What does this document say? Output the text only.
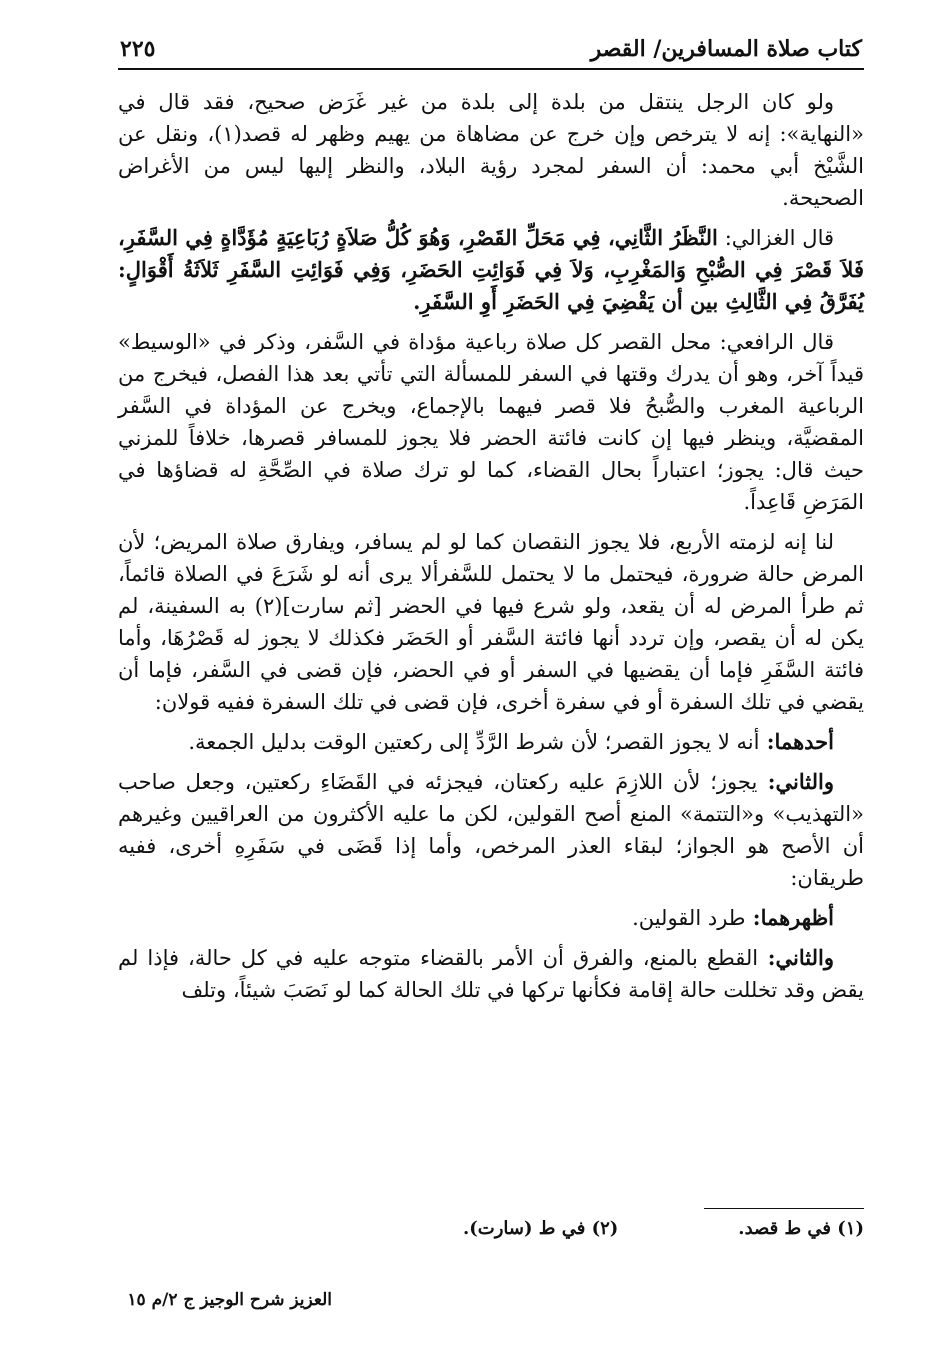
كتاب صلاة المسافرين/ القصر
٢٢٥

ولو كان الرجل ينتقل من بلدة إلى بلدة من غير غَرَض صحيح، فقد قال في «النهاية»: إنه لا يترخص وإن خرج عن مضاهاة من يهيم وظهر له قصد(١)، ونقل عن الشَّيْخ أبي محمد: أن السفر لمجرد رؤية البلاد، والنظر إليها ليس من الأغراض الصحيحة.

قال الغزالي: النَّظَرُ الثَّانِي، فِي مَحَلِّ القَصْرِ، وَهُوَ كُلُّ صَلاَةٍ رُبَاعِيَةٍ مُؤَدَّاةٍ فِي السَّفَرِ، فَلاَ قَصْرَ فِي الصُّبْحِ وَالمَغْرِبِ، وَلاَ فِي فَوَائِتِ الحَضَرِ، وَفِي فَوَائِتِ السَّفَرِ ثَلاَثَةُ أَقْوَالٍ: يُفَرَّقُ فِي الثَّالِثِ بين أن يَقْضِيَ فِي الحَضَرِ أَوِ السَّفَرِ.

قال الرافعي: محل القصر كل صلاة رباعية مؤداة في السَّفر، وذكر في «الوسيط» قيداً آخر، وهو أن يدرك وقتها في السفر للمسألة التي تأتي بعد هذا الفصل، فيخرج من الرباعية المغرب والصُّبحُ فلا قصر فيهما بالإجماع، ويخرج عن المؤداة في السَّفر المقضيَّة، وينظر فيها إن كانت فائتة الحضر فلا يجوز للمسافر قصرها، خلافاً للمزني حيث قال: يجوز؛ اعتباراً بحال القضاء، كما لو ترك صلاة في الصِّحَّةِ له قضاؤها في المَرَضِ قَاعِداً.

لنا إنه لزمته الأربع، فلا يجوز النقصان كما لو لم يسافر، ويفارق صلاة المريض؛ لأن المرض حالة ضرورة، فيحتمل ما لا يحتمل للسَّفرألا يرى أنه لو شَرَعَ في الصلاة قائماً، ثم طرأ المرض له أن يقعد، ولو شرع فيها في الحضر [ثم سارت](٢) به السفينة، لم يكن له أن يقصر، وإن تردد أنها فائتة السَّفر أو الحَضَر فكذلك لا يجوز له قَصْرُهَا، وأما فائتة السَّفَرِ فإما أن يقضيها في السفر أو في الحضر، فإن قضى في السَّفر، فإما أن يقضي في تلك السفرة أو في سفرة أخرى، فإن قضى في تلك السفرة ففيه قولان:

أحدهما: أنه لا يجوز القصر؛ لأن شرط الرَّدِّ إلى ركعتين الوقت بدليل الجمعة.

والثاني: يجوز؛ لأن اللازِمَ عليه ركعتان، فيجزئه في القَضَاءِ ركعتين، وجعل صاحب «التهذيب» و«التتمة» المنع أصح القولين، لكن ما عليه الأكثرون من العراقيين وغيرهم أن الأصح هو الجواز؛ لبقاء العذر المرخص، وأما إذا قَضَى في سَفَرِهِ أخرى، ففيه طريقان:

أظهرهما: طرد القولين.

والثاني: القطع بالمنع، والفرق أن الأمر بالقضاء متوجه عليه في كل حالة، فإذا لم يقض وقد تخللت حالة إقامة فكأنها تركها في تلك الحالة كما لو نَصَبَ شيئاً، وتلف

(١) في ط قصد.
(٢) في ط (سارت).
العزيز شرح الوجيز ج ٢/م ١٥
